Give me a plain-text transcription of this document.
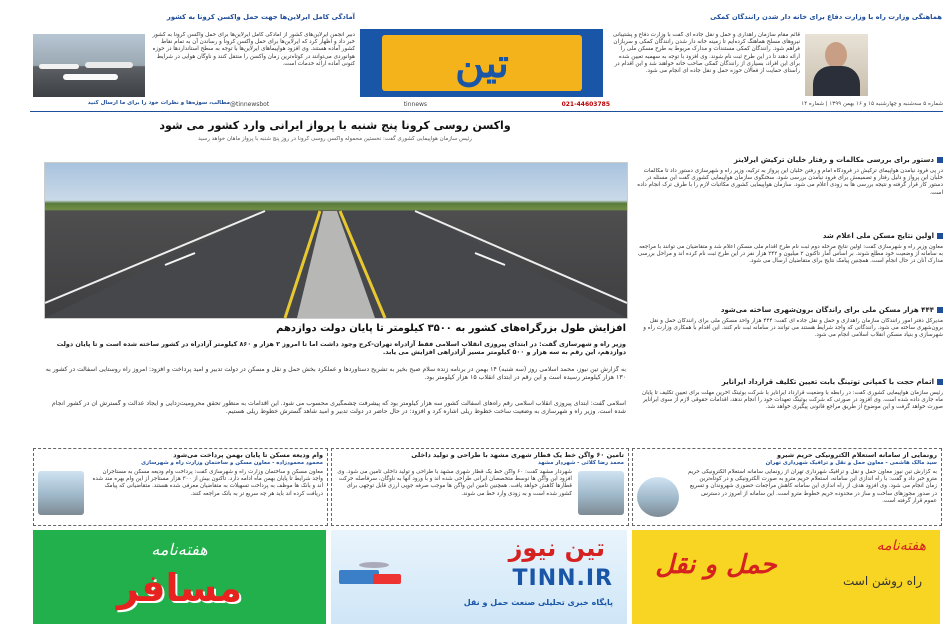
تین
@tinnewsbot	tinnews	021-44603785	شماره ۵ سه‌شنبه و چهارشنبه ۱۵ و ۱۶ بهمن ۱۳۹۹ | شماره ۱۴
هماهنگی وزارت راه با وزارت دفاع برای خانه دار شدن رانندگان کمکی
قائم مقام سازمان راهداری و حمل و نقل جاده ای گفت با وزارت دفاع و پشتیبانی نیروهای مسلح هماهنگ کرده‌ایم تا زمینه خانه دار شدن رانندگان کمکی و سربازان فراهم شود. رانندگان کمکی مستندات و مدارک مربوط به طرح مسکن ملی را ارائه دهند تا در این طرح ثبت نام شوند. وی افزود با توجه به سهمیه تعیین شده برای این افراد، بسیاری از رانندگان کمکی صاحب خانه خواهند شد و این اقدام در راستای حمایت از فعالان حوزه حمل و نقل جاده ای انجام می شود.
آمادگی کامل ایرلاین‌ها جهت حمل واکسن کرونا به کشور
دبیر انجمن ایرلاین‌های کشور از آمادگی کامل ایرلاین‌ها برای حمل واکسن کرونا به کشور خبر داد و اظهار کرد که ایرلاین‌ها برای حمل واکسن کرونا و رساندن آن به تمام نقاط کشور آماده هستند. وی افزود هواپیماهای ایرلاین‌ها با توجه به سطح استانداردها در حوزه هوانوردی می‌توانند در کوتاه‌ترین زمان واکسن را منتقل کنند و ناوگان هوایی در شرایط کنونی آماده ارائه خدمات است.
مطالب، سوژه‌ها و نظرات خود را برای ما ارسال کنید
واکسن روسی کرونا پنج شنبه با پرواز ایرانی وارد کشور می شود
رئیس سازمان هواپیمایی کشوری گفت: نخستین محموله واکسن روسی کرونا در روز پنج شنبه با پرواز ماهان خواهد رسید
افزایش طول بزرگراه‌های کشور به ۳۵۰۰ کیلومتر تا پایان دولت دوازدهم
وزیر راه و شهرسازی گفت: در ابتدای پیروزی انقلاب اسلامی فقط آزادراه تهران-کرج وجود داشت اما تا امروز ۲ هزار و ۸۶۰ کیلومتر آزادراه در کشور ساخته شده است و تا پایان دولت دوازدهم، این رقم به سه هزار و ۵۰۰ کیلومتر مسیر آزادراهی افزایش می یابد.
به گزارش تین نیوز، محمد اسلامی روز (سه شنبه) ۱۴ بهمن در برنامه زنده سلام صبح بخیر به تشریح دستاوردها و عملکرد بخش حمل و نقل و مسکن در دولت تدبیر و امید پرداخت و افزود: امروز راه روستایی آسفالت در کشور به ۱۳۰ هزار کیلومتر رسیده است و این رقم در ابتدای انقلاب ۱۵ هزار کیلومتر بود.
اسلامی گفت: ابتدای پیروزی انقلاب اسلامی رقم راه‌های آسفالت کشور سه هزار کیلومتر بود که پیشرفت چشمگیری محسوب می شود. این اقدامات به منظور تحقق محرومیت‌زدایی و ایجاد عدالت و گسترش آن در کشور انجام شده است. وزیر راه و شهرسازی به وضعیت ساخت خطوط ریلی اشاره کرد و افزود: در حال حاضر در دولت تدبیر و امید شاهد گسترش خطوط ریلی هستیم.
دستور برای بررسی مکالمات و رفتار خلبان ترکیش ایرلاینز
در پی فرود نیامدن هواپیمای ترکیش در فرودگاه امام و رفتن خلبان این پرواز به ترکیه، وزیر راه و شهرسازی دستور داد تا مکالمات خلبان این پرواز و دلیل رفتار و تصمیمش برای فرود نیامدن بررسی شود. سخنگوی سازمان هواپیمایی کشوری گفت این مسئله در دستور کار قرار گرفته و نتیجه بررسی ها به زودی اعلام می شود. سازمان هواپیمایی کشوری مکاتبات لازم را با طرف ترک انجام داده است.
اولین نتایج مسکن ملی اعلام شد
معاون وزیر راه و شهرسازی گفت: اولین نتایج مرحله دوم ثبت نام طرح اقدام ملی مسکن اعلام شد و متقاضیان می توانند با مراجعه به سامانه از وضعیت خود مطلع شوند. بر اساس آمار تاکنون ۲ میلیون و ۲۴۲ هزار نفر در این طرح ثبت نام کرده اند و مراحل بررسی مدارک آنان در حال انجام است. همچنین پیامک نتایج برای متقاضیان ارسال می شود.
۴۴۴ هزار مسکن ملی برای راندگان برون‌شهری ساخته می‌شود
مدیرکل دفتر امور رانندگان سازمان راهداری و حمل و نقل جاده ای گفت: ۴۴۴ هزار واحد مسکن ملی برای رانندگان حمل و نقل برون‌شهری ساخته می شود. رانندگانی که واجد شرایط هستند می توانند در سامانه ثبت نام کنند. این اقدام با همکاری وزارت راه و شهرسازی و بنیاد مسکن انقلاب اسلامی انجام می شود.
اتمام حجت با کمپانی توتینگ بابت تعیین تکلیف قرارداد ایرانایر
رئیس سازمان هواپیمایی کشوری گفت: در رابطه با وضعیت قرارداد ایرانایر با شرکت بوئینگ آخرین مهلت برای تعیین تکلیف تا پایان ماه جاری داده شده است. وی افزود در صورتی که شرکت بوئینگ تعهدات خود را انجام ندهد، اقدامات حقوقی لازم از سوی ایرانایر صورت خواهد گرفت و این موضوع از طریق مراجع قانونی پیگیری خواهد شد.
رونمایی از سامانه استعلام الکترونیکی حریم شیرو
سید مالک هاشمی - معاون حمل و نقل و ترافیک شهرداری تهران
به گزارش تین نیوز معاون حمل و نقل و ترافیک شهرداری تهران از رونمایی سامانه استعلام الکترونیکی حریم مترو خبر داد و گفت: با راه اندازی این سامانه، استعلام حریم مترو به صورت الکترونیکی و در کوتاه‌ترین زمان انجام می شود. وی افزود هدف از راه اندازی این سامانه کاهش مراجعات حضوری شهروندان و تسریع در صدور مجوزهای ساخت و ساز در محدوده حریم خطوط مترو است. این سامانه از امروز در دسترس عموم قرار گرفته است.
تامین ۶۰ واگن خط یک قطار شهری مشهد با طراحی و تولید داخلی
محمد رضا کلائی - شهردار مشهد
شهردار مشهد گفت: ۶۰ واگن خط یک قطار شهری مشهد با طراحی و تولید داخلی تامین می شود. وی افزود این واگن ها توسط متخصصان ایرانی طراحی شده اند و با ورود آنها به ناوگان، سرفاصله حرکت قطارها کاهش خواهد یافت. همچنین تامین این واگن ها موجب صرفه جویی ارزی قابل توجهی برای کشور شده است و به زودی وارد خط می شوند.
وام ودیعه مسکن تا پایان بهمن پرداخت می‌شود
محمود محمودزاده - معاون مسکن و ساختمان وزارت راه و شهرسازی
معاون مسکن و ساختمان وزارت راه و شهرسازی گفت: پرداخت وام ودیعه مسکن به مستاجران واجد شرایط تا پایان بهمن ماه ادامه دارد. تاکنون بیش از ۳۰۰ هزار مستاجر از این وام بهره مند شده اند و بانک ها موظف به پرداخت تسهیلات به متقاضیان معرفی شده هستند. متقاضیانی که پیامک دریافت کرده اند باید هر چه سریع تر به بانک مراجعه کنند.
هفته‌نامه
مسافر
تین نیوز
TINN.IR
پایگاه خبری تحلیلی صنعت حمل و نقل
هفته‌نامه
حمل و نقل
راه روشن است
